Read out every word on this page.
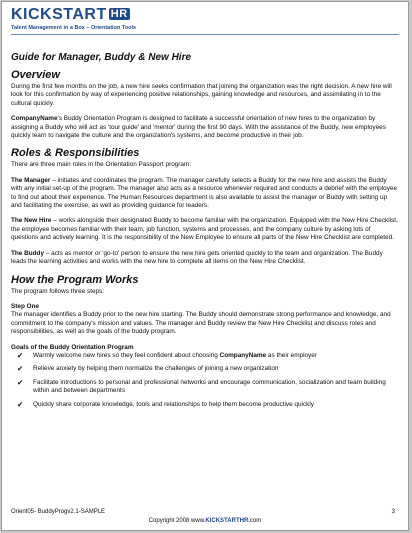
KICKSTART HR
Talent Management in a Box – Orientation Tools
Guide for Manager, Buddy & New Hire
Overview

During the first few months on the job, a new hire seeks confirmation that joining the organization was the right decision. A new hire will look for this confirmation by way of experiencing positive relationships, gaining knowledge and resources, and assimilating in to the cultural quickly.

CompanyName's Buddy Orientation Program is designed to facilitate a successful orientation of new hires to the organization by assigning a Buddy who will act as 'tour guide' and 'mentor' during the first 90 days. With the assistance of the Buddy, new employees quickly learn to navigate the culture and the organization's systems, and become productive in their job.

Roles & Responsibilities

There are three main roles in the Orientation Passport program:

The Manager – initiates and coordinates the program. The manager carefully selects a Buddy for the new hire and assists the Buddy with any initial set-up of the program. The manager also acts as a resource whenever required and conducts a debrief with the employee to find out about their experience. The Human Resources department is also available to assist the manager or Buddy with setting up and facilitating the exercise, as well as providing guidance for leaders.

The New Hire – works alongside their designated Buddy to become familiar with the organization. Equipped with the New Hire Checklist, the employee becomes familiar with their team, job function, systems and processes, and the company culture by asking lots of questions and actively learning. It is the responsibility of the New Employee to ensure all parts of the New Hire Checklist are completed.

The Buddy – acts as mentor or 'go-to' person to ensure the new hire gets oriented quickly to the team and organization. The Buddy leads the learning activities and works with the new hire to complete all items on the New Hire Checklist.

How the Program Works

The program follows three steps:

Step One

The manager identifies a Buddy prior to the new hire starting. The Buddy should demonstrate strong performance and knowledge, and commitment to the company's mission and values. The manager and Buddy review the New Hire Checklist and discuss roles and responsibilities, as well as the goals of the buddy program.

Goals of the Buddy Orientation Program
✔ Warmly welcome new hires so they feel confident about choosing CompanyName as their employer
✔ Relieve anxiety by helping them normalize the challenges of joining a new organization
✔ Facilitate introductions to personal and professional networks and encourage communication, socialization and team building within and between departments
✔ Quickly share corporate knowledge, tools and relationships to help them become productive quickly
Orient05- BuddyProgv2.1-SAMPLE	3
Copyright 2008 www.KICKSTARTHR.com
